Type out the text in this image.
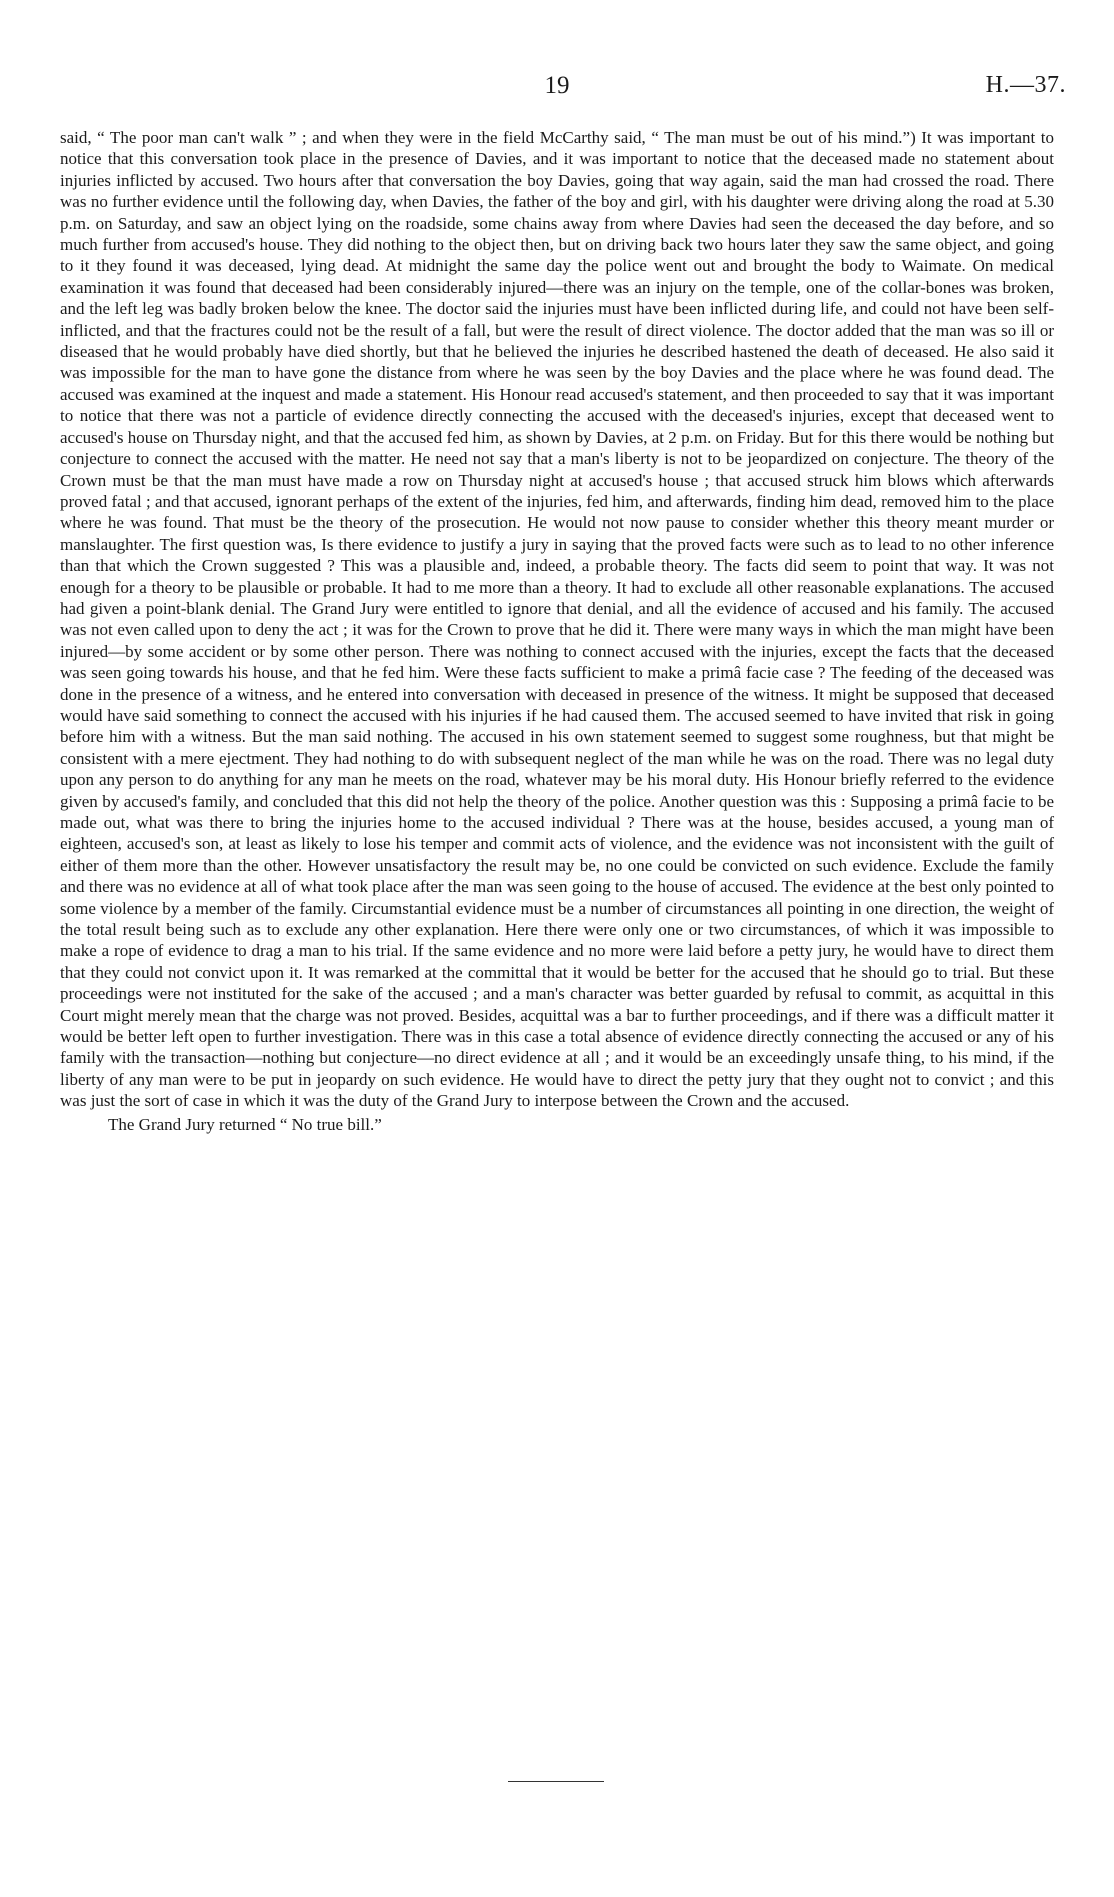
19	H.—37.

said, “ The poor man can't walk ” ; and when they were in the field McCarthy said, “ The man must be out of his mind.”) It was important to notice that this conversation took place in the presence of Davies, and it was important to notice that the deceased made no statement about injuries inflicted by accused. Two hours after that conversation the boy Davies, going that way again, said the man had crossed the road. There was no further evidence until the following day, when Davies, the father of the boy and girl, with his daughter were driving along the road at 5.30 p.m. on Saturday, and saw an object lying on the roadside, some chains away from where Davies had seen the deceased the day before, and so much further from accused's house. They did nothing to the object then, but on driving back two hours later they saw the same object, and going to it they found it was deceased, lying dead. At midnight the same day the police went out and brought the body to Waimate. On medical examination it was found that deceased had been considerably injured—there was an injury on the temple, one of the collar-bones was broken, and the left leg was badly broken below the knee. The doctor said the injuries must have been inflicted during life, and could not have been self-inflicted, and that the fractures could not be the result of a fall, but were the result of direct violence. The doctor added that the man was so ill or diseased that he would probably have died shortly, but that he believed the injuries he described hastened the death of deceased. He also said it was impossible for the man to have gone the distance from where he was seen by the boy Davies and the place where he was found dead. The accused was examined at the inquest and made a statement. His Honour read accused's statement, and then proceeded to say that it was important to notice that there was not a particle of evidence directly connecting the accused with the deceased's injuries, except that deceased went to accused's house on Thursday night, and that the accused fed him, as shown by Davies, at 2 p.m. on Friday. But for this there would be nothing but conjecture to connect the accused with the matter. He need not say that a man's liberty is not to be jeopardized on conjecture. The theory of the Crown must be that the man must have made a row on Thursday night at accused's house ; that accused struck him blows which afterwards proved fatal ; and that accused, ignorant perhaps of the extent of the injuries, fed him, and afterwards, finding him dead, removed him to the place where he was found. That must be the theory of the prosecution. He would not now pause to consider whether this theory meant murder or manslaughter. The first question was, Is there evidence to justify a jury in saying that the proved facts were such as to lead to no other inference than that which the Crown suggested ? This was a plausible and, indeed, a probable theory. The facts did seem to point that way. It was not enough for a theory to be plausible or probable. It had to me more than a theory. It had to exclude all other reasonable explanations. The accused had given a point-blank denial. The Grand Jury were entitled to ignore that denial, and all the evidence of accused and his family. The accused was not even called upon to deny the act ; it was for the Crown to prove that he did it. There were many ways in which the man might have been injured—by some accident or by some other person. There was nothing to connect accused with the injuries, except the facts that the deceased was seen going towards his house, and that he fed him. Were these facts sufficient to make a primâ facie case ? The feeding of the deceased was done in the presence of a witness, and he entered into conversation with deceased in presence of the witness. It might be supposed that deceased would have said something to connect the accused with his injuries if he had caused them. The accused seemed to have invited that risk in going before him with a witness. But the man said nothing. The accused in his own statement seemed to suggest some roughness, but that might be consistent with a mere ejectment. They had nothing to do with subsequent neglect of the man while he was on the road. There was no legal duty upon any person to do anything for any man he meets on the road, whatever may be his moral duty. His Honour briefly referred to the evidence given by accused's family, and concluded that this did not help the theory of the police. Another question was this : Supposing a primâ facie to be made out, what was there to bring the injuries home to the accused individual ? There was at the house, besides accused, a young man of eighteen, accused's son, at least as likely to lose his temper and commit acts of violence, and the evidence was not inconsistent with the guilt of either of them more than the other. However unsatisfactory the result may be, no one could be convicted on such evidence. Exclude the family and there was no evidence at all of what took place after the man was seen going to the house of accused. The evidence at the best only pointed to some violence by a member of the family. Circumstantial evidence must be a number of circumstances all pointing in one direction, the weight of the total result being such as to exclude any other explanation. Here there were only one or two circumstances, of which it was impossible to make a rope of evidence to drag a man to his trial. If the same evidence and no more were laid before a petty jury, he would have to direct them that they could not convict upon it. It was remarked at the committal that it would be better for the accused that he should go to trial. But these proceedings were not instituted for the sake of the accused ; and a man's character was better guarded by refusal to commit, as acquittal in this Court might merely mean that the charge was not proved. Besides, acquittal was a bar to further proceedings, and if there was a difficult matter it would be better left open to further investigation. There was in this case a total absence of evidence directly connecting the accused or any of his family with the transaction—nothing but conjecture—no direct evidence at all ; and it would be an exceedingly unsafe thing, to his mind, if the liberty of any man were to be put in jeopardy on such evidence. He would have to direct the petty jury that they ought not to convict ; and this was just the sort of case in which it was the duty of the Grand Jury to interpose between the Crown and the accused.

The Grand Jury returned “ No true bill.”
